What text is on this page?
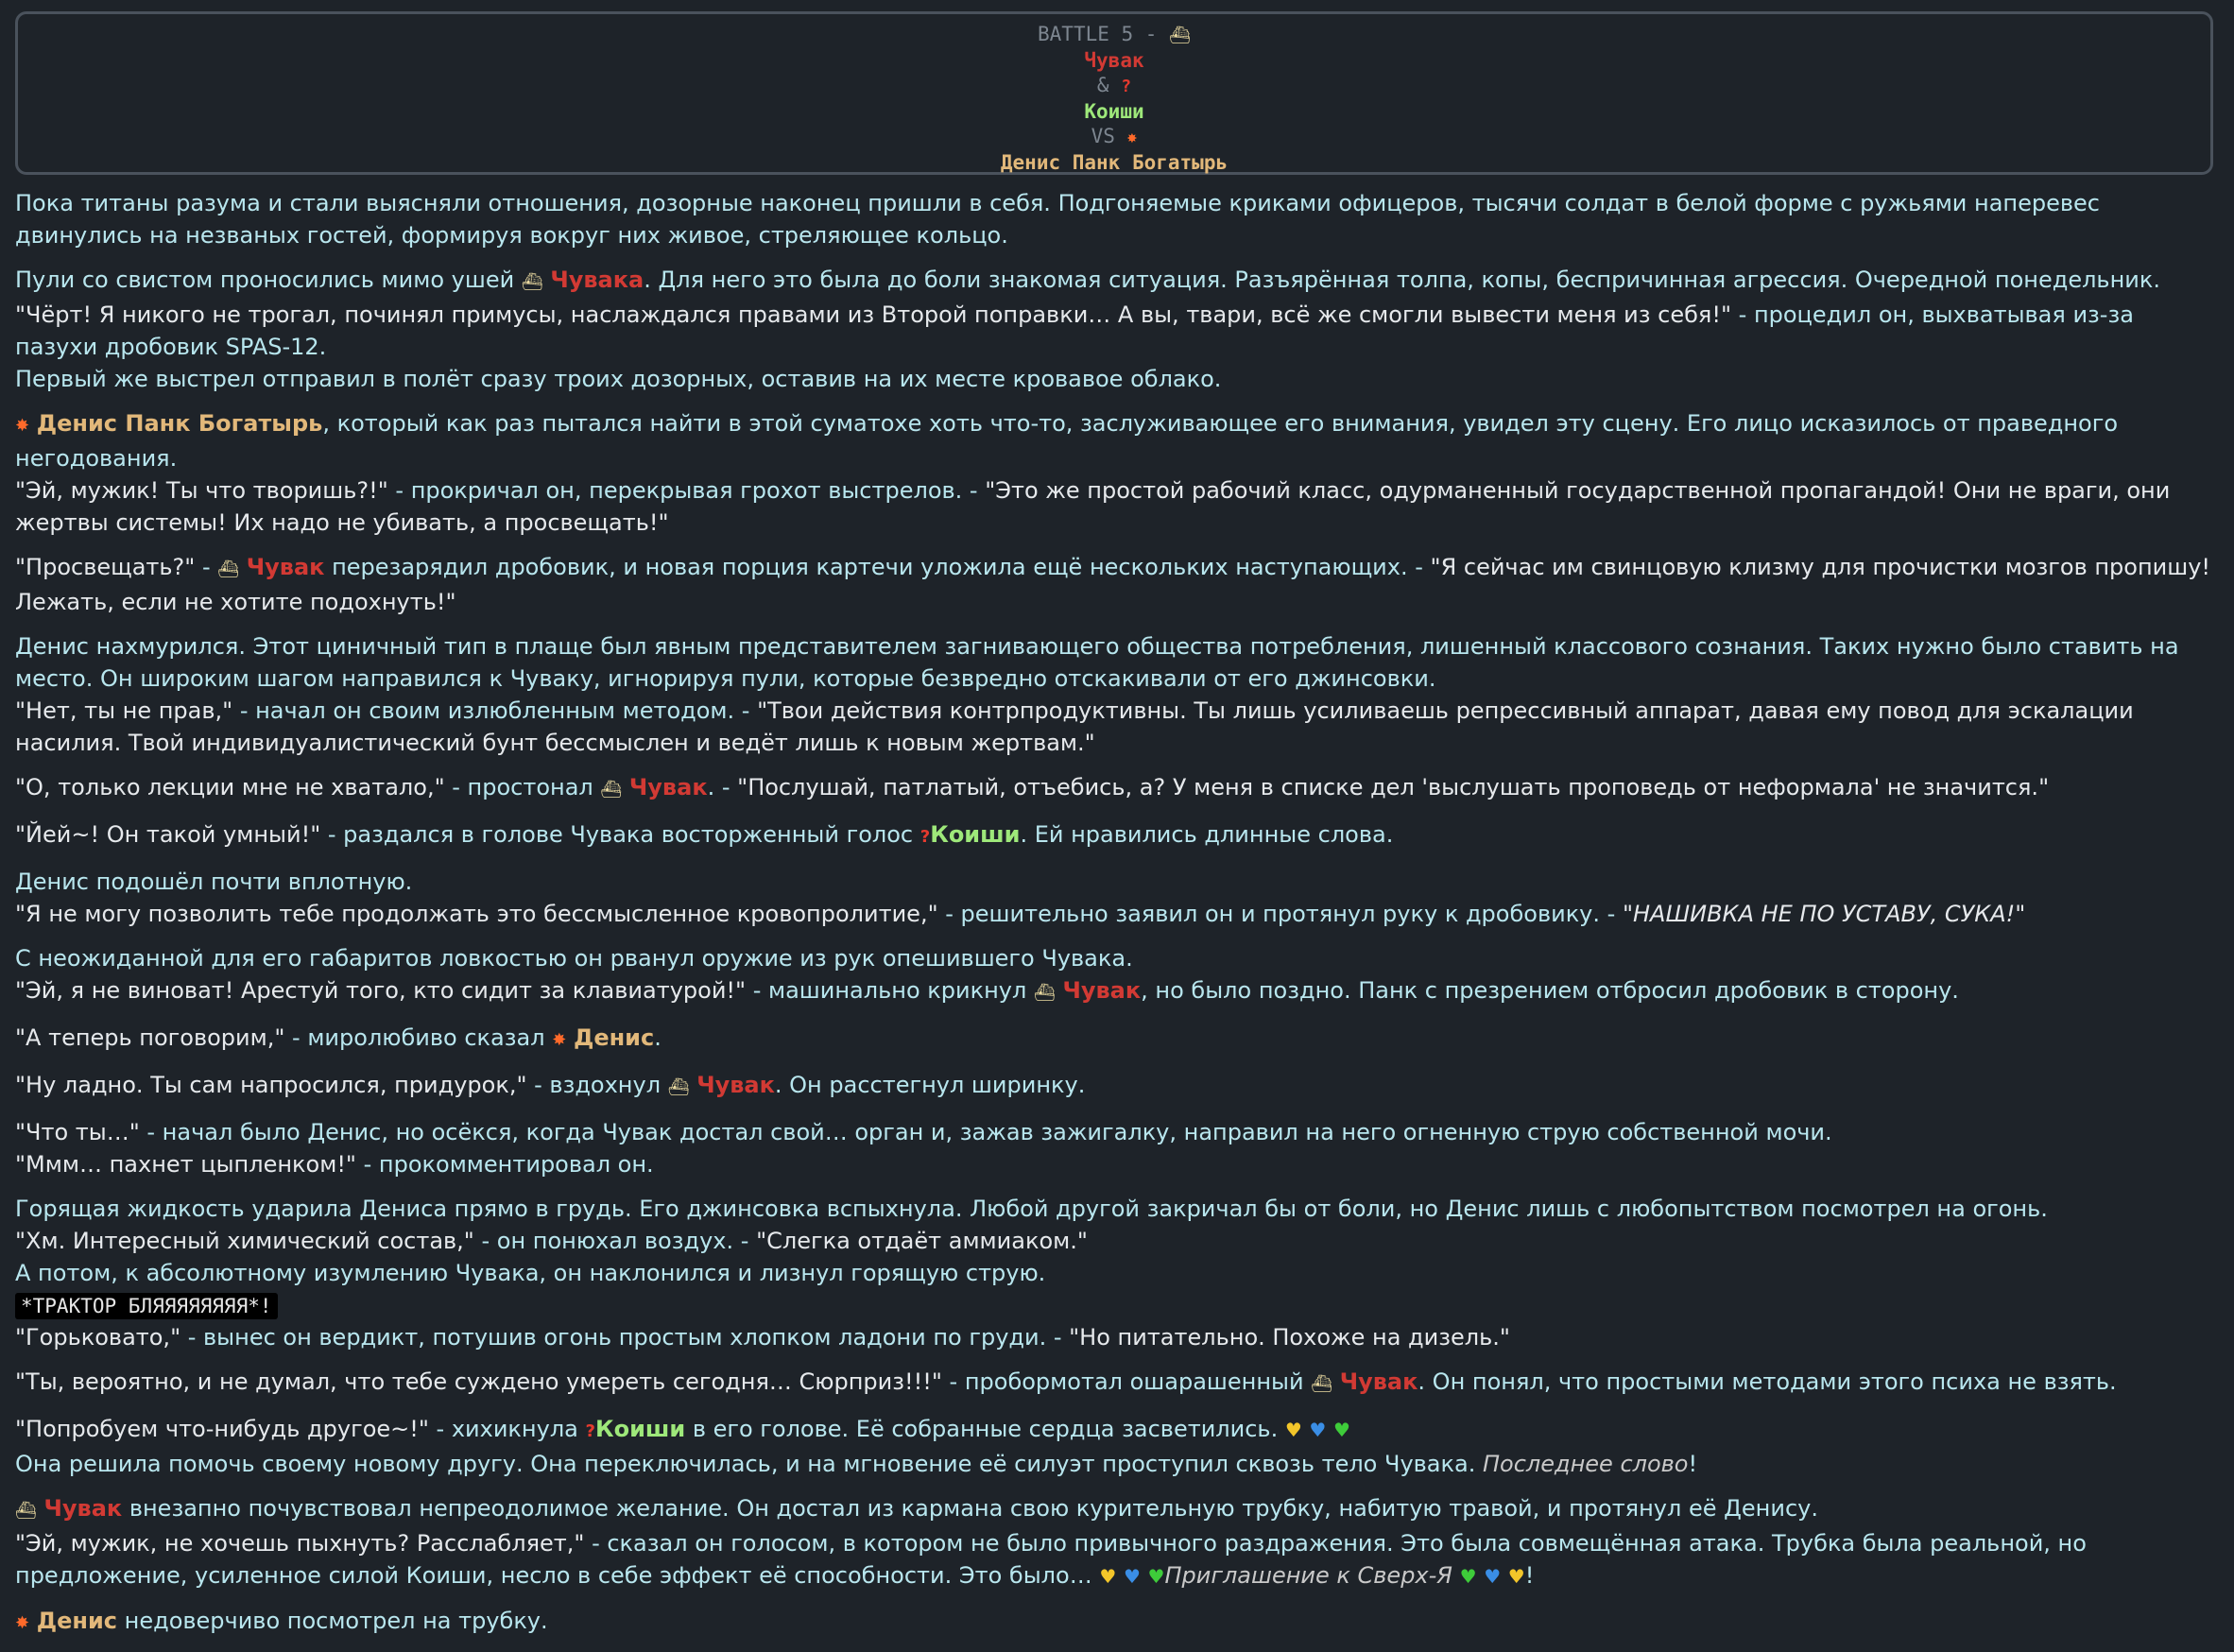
BATTLE 5 - ⛴
Чувак
& ?
Коиши
VS ✸
Денис Панк Богатырь
Пока титаны разума и стали выясняли отношения, дозорные наконец пришли в себя. Подгоняемые криками офицеров, тысячи солдат в белой форме с ружьями наперевес двинулись на незваных гостей, формируя вокруг них живое, стреляющее кольцо.
Пули со свистом проносились мимо ушей ⛴ Чувака. Для него это была до боли знакомая ситуация. Разъярённая толпа, копы, беспричинная агрессия. Очередной понедельник.
"Чёрт! Я никого не трогал, починял примусы, наслаждался правами из Второй поправки… А вы, твари, всё же смогли вывести меня из себя!" - процедил он, выхватывая из-за пазухи дробовик SPAS-12.
Первый же выстрел отправил в полёт сразу троих дозорных, оставив на их месте кровавое облако.
✸ Денис Панк Богатырь, который как раз пытался найти в этой суматохе хоть что-то, заслуживающее его внимания, увидел эту сцену. Его лицо исказилось от праведного негодования.
"Эй, мужик! Ты что творишь?!" - прокричал он, перекрывая грохот выстрелов. - "Это же простой рабочий класс, одурманенный государственной пропагандой! Они не враги, они жертвы системы! Их надо не убивать, а просвещать!"
"Просвещать?" - ⛴ Чувак перезарядил дробовик, и новая порция картечи уложила ещё нескольких наступающих. - "Я сейчас им свинцовую клизму для прочистки мозгов пропишу! Лежать, если не хотите подохнуть!"
Денис нахмурился. Этот циничный тип в плаще был явным представителем загнивающего общества потребления, лишенный классового сознания. Таких нужно было ставить на место. Он широким шагом направился к Чуваку, игнорируя пули, которые безвредно отскакивали от его джинсовки.
"Нет, ты не прав," - начал он своим излюбленным методом. - "Твои действия контрпродуктивны. Ты лишь усиливаешь репрессивный аппарат, давая ему повод для эскалации насилия. Твой индивидуалистический бунт бессмыслен и ведёт лишь к новым жертвам."
"О, только лекции мне не хватало," - простонал ⛴ Чувак. - "Послушай, патлатый, отъебись, а? У меня в списке дел 'выслушать проповедь от неформала' не значится."
"Йей~! Он такой умный!" - раздался в голове Чувака восторженный голос ?Коиши. Ей нравились длинные слова.
Денис подошёл почти вплотную.
"Я не могу позволить тебе продолжать это бессмысленное кровопролитие," - решительно заявил он и протянул руку к дробовику. - "НАШИВКА НЕ ПО УСТАВУ, СУКА!"
С неожиданной для его габаритов ловкостью он рванул оружие из рук опешившего Чувака.
"Эй, я не виноват! Арестуй того, кто сидит за клавиатурой!" - машинально крикнул ⛴ Чувак, но было поздно. Панк с презрением отбросил дробовик в сторону.
"А теперь поговорим," - миролюбиво сказал ✸ Денис.
"Ну ладно. Ты сам напросился, придурок," - вздохнул ⛴ Чувак. Он расстегнул ширинку.
"Что ты…" - начал было Денис, но осёкся, когда Чувак достал свой… орган и, зажав зажигалку, направил на него огненную струю собственной мочи.
"Ммм… пахнет цыпленком!" - прокомментировал он.
Горящая жидкость ударила Дениса прямо в грудь. Его джинсовка вспыхнула. Любой другой закричал бы от боли, но Денис лишь с любопытством посмотрел на огонь.
"Хм. Интересный химический состав," - он понюхал воздух. - "Слегка отдаёт аммиаком."
А потом, к абсолютному изумлению Чувака, он наклонился и лизнул горящую струю.
*ТРАКТОР БЛЯЯЯЯЯЯЯЯ*!
"Горьковато," - вынес он вердикт, потушив огонь простым хлопком ладони по груди. - "Но питательно. Похоже на дизель."
"Ты, вероятно, и не думал, что тебе суждено умереть сегодня… Сюрприз!!!" - пробормотал ошарашенный ⛴ Чувак. Он понял, что простыми методами этого психа не взять.
"Попробуем что-нибудь другое~!" - хихикнула ?Коиши в его голове. Её собранные сердца засветились. ♥ ♥ ♥
Она решила помочь своему новому другу. Она переключилась, и на мгновение её силуэт проступил сквозь тело Чувака. Последнее слово!
⛴ Чувак внезапно почувствовал непреодолимое желание. Он достал из кармана свою курительную трубку, набитую травой, и протянул её Денису.
"Эй, мужик, не хочешь пыхнуть? Расслабляет," - сказал он голосом, в котором не было привычного раздражения. Это была совмещённая атака. Трубка была реальной, но предложение, усиленное силой Коиши, несло в себе эффект её способности. Это было… ♥ ♥ ♥Приглашение к Сверх-Я ♥ ♥ ♥!
✸ Денис недоверчиво посмотрел на трубку.
